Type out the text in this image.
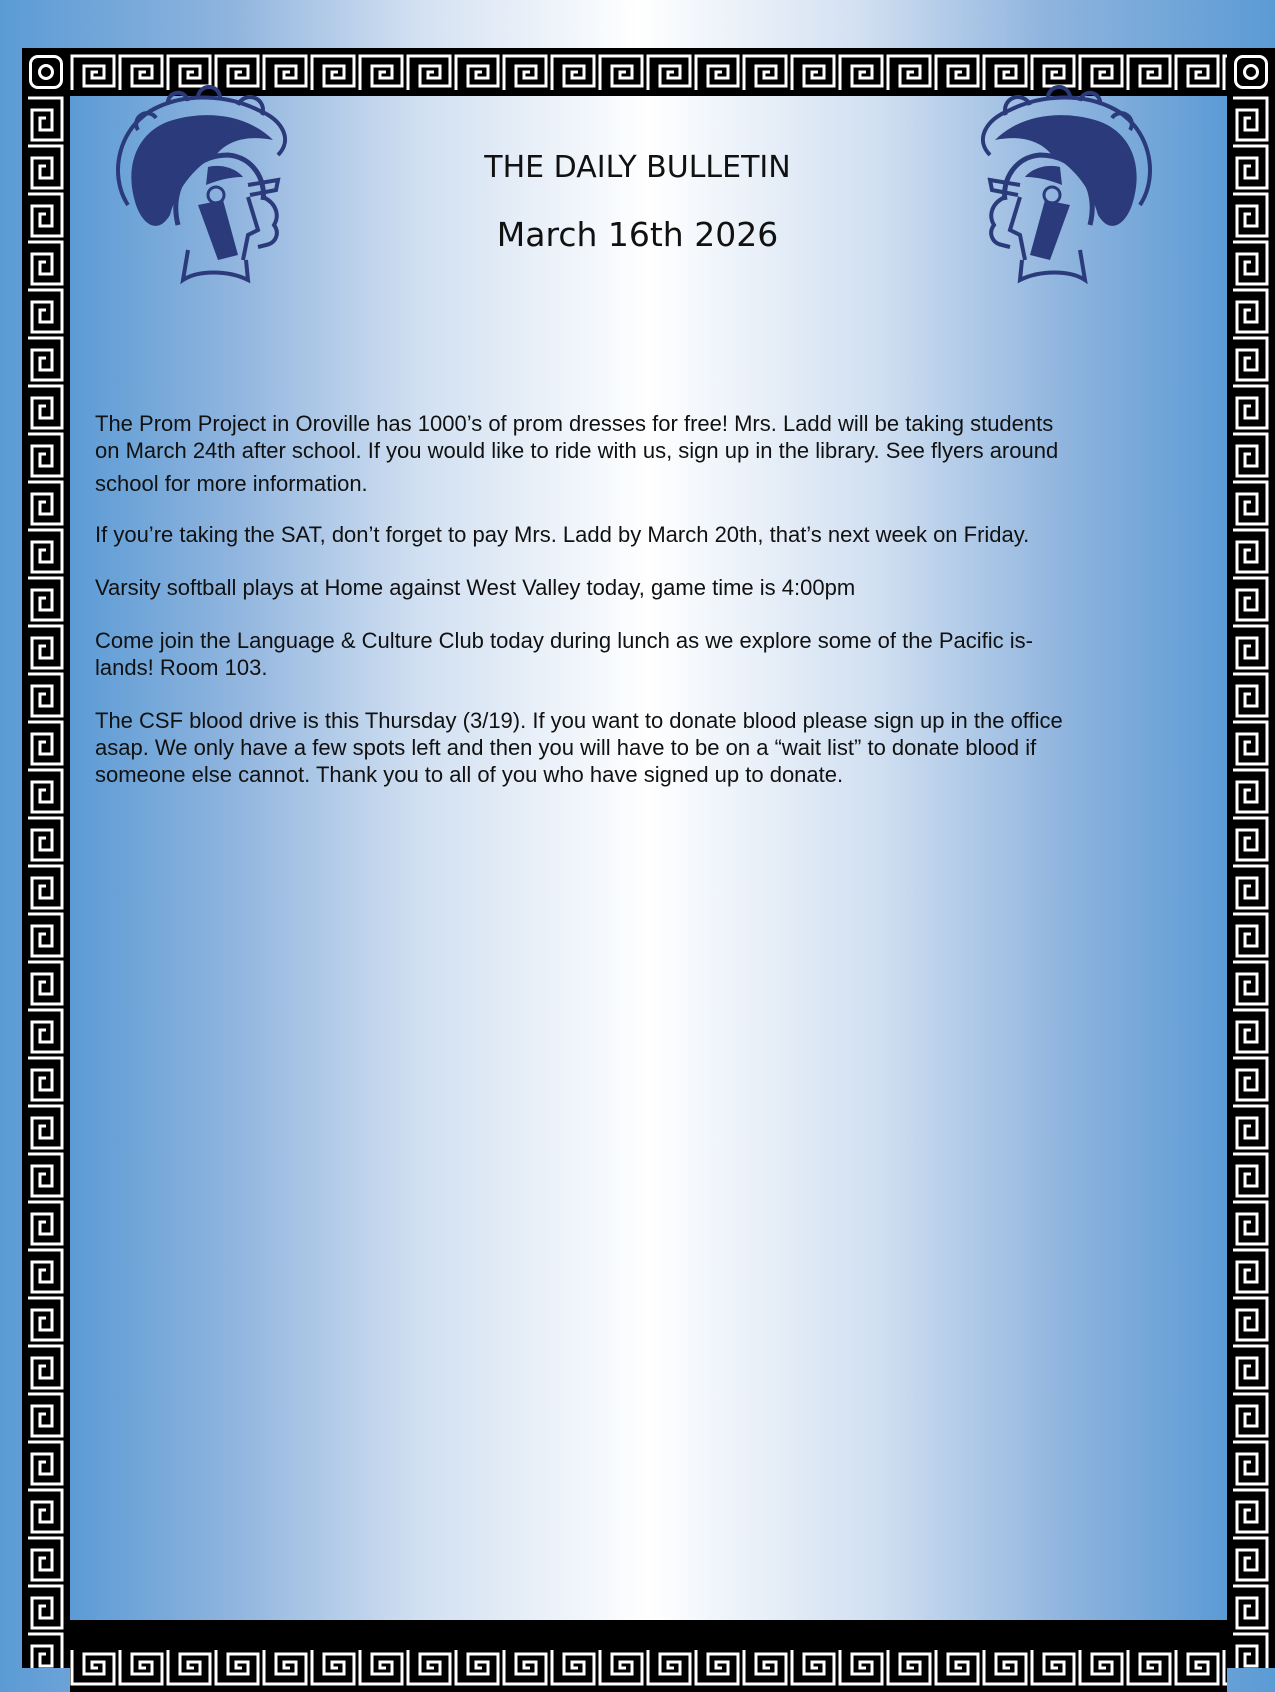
THE DAILY BULLETIN
March 16th 2026

The Prom Project in Oroville has 1000’s of prom dresses for free! Mrs. Ladd will be taking students
on March 24th after school. If you would like to ride with us, sign up in the library. See flyers around
school for more information.

If you’re taking the SAT, don’t forget to pay Mrs. Ladd by March 20th, that’s next week on Friday.

Varsity softball plays at Home against West Valley today, game time is 4:00pm

Come join the Language & Culture Club today during lunch as we explore some of the Pacific is-
lands! Room 103.

The CSF blood drive is this Thursday (3/19). If you want to donate blood please sign up in the office
asap. We only have a few spots left and then you will have to be on a “wait list” to donate blood if
someone else cannot. Thank you to all of you who have signed up to donate.
